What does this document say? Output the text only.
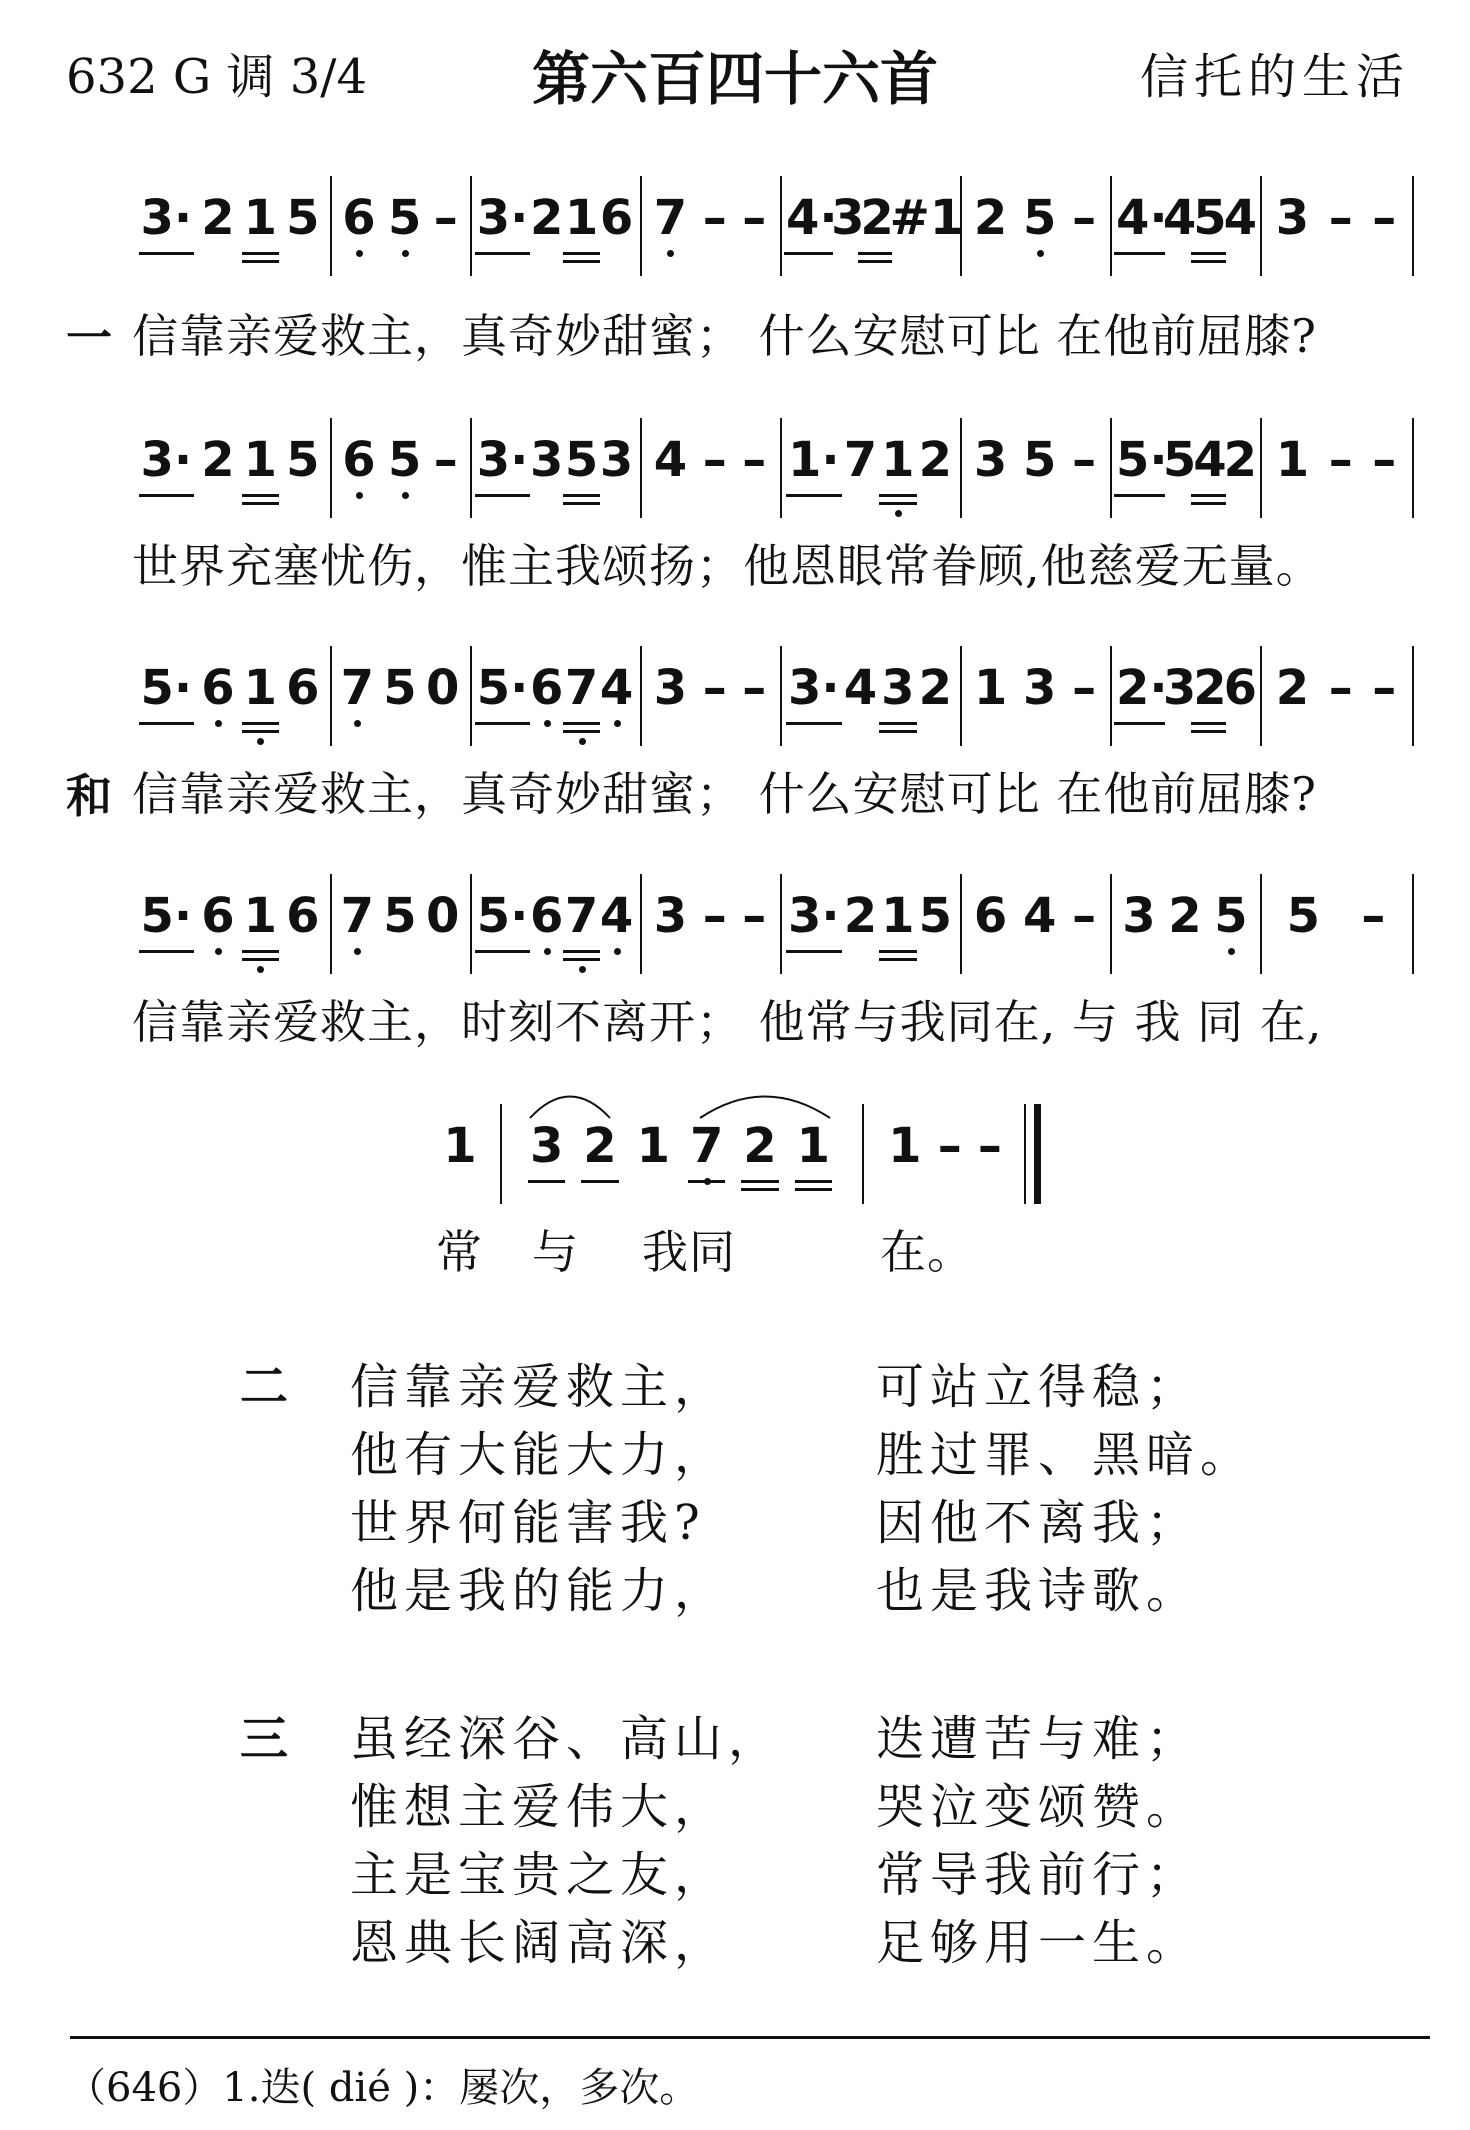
632 G 调 3/4	第六百四十六首	信托的生活
3· 2 1 5 6 5 – 3· 2 1 6 7 – – 4·
3
2
#1 2 5 – 4·
4
5
4 3 – –
一 信靠亲爱救主，真奇妙甜蜜； 什么安慰可比 在他前屈膝?
3· 2 1 5 6 5 – 3· 3 5 3 4 – – 1· 7 1 2 3 5 – 5·
5
4
2 1 – –
世界充塞忧伤，惟主我颂扬；他恩眼常眷顾,他慈爱无量。
5· 6 1 6 7 5 0 5· 6 7 4 3 – – 3· 4 3 2 1 3 – 2·
3
2
6 2 – –
和 信靠亲爱救主，真奇妙甜蜜； 什么安慰可比 在他前屈膝?
5· 6 1 6 7 5 0 5· 6 7 4 3 – – 3· 2 1 5 6 4 – 3 2 5 5 –
信靠亲爱救主，时刻不离开； 他常与我同在, 与 我 同 在,
1 3 2 1 7 2 1 1 – –
常 与 我同	在。
二 信靠亲爱救主，	可站立得稳；
他有大能大力，	胜过罪、黑暗。
世界何能害我?	因他不离我；
他是我的能力，	也是我诗歌。
三 虽经深谷、高山， 迭遭苦与难；
惟想主爱伟大，	哭泣变颂赞。
主是宝贵之友，	常导我前行；
恩典长阔高深，	足够用一生。
（646）1.迭( dié )：屡次，多次。
